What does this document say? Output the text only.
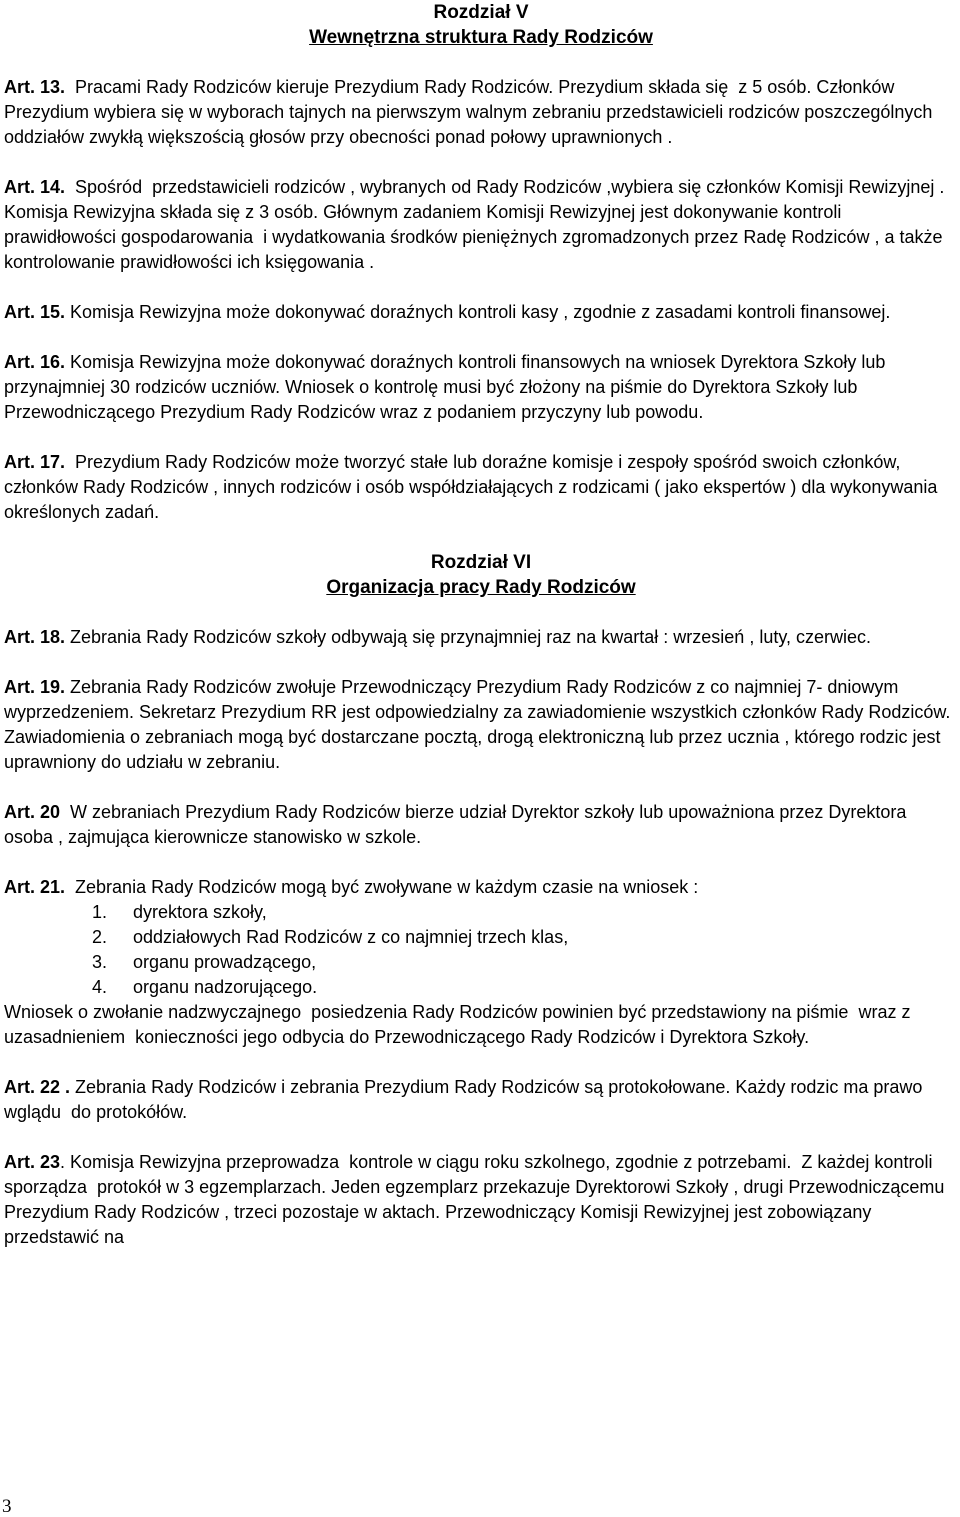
Rozdział V
Wewnętrzna struktura Rady Rodziców

Art. 13.  Pracami Rady Rodziców kieruje Prezydium Rady Rodziców. Prezydium składa się  z 5 osób. Członków Prezydium wybiera się w wyborach tajnych na pierwszym walnym zebraniu przedstawicieli rodziców poszczególnych oddziałów zwykłą większością głosów przy obecności ponad połowy uprawnionych .

Art. 14.  Spośród  przedstawicieli rodziców , wybranych od Rady Rodziców ,wybiera się członków Komisji Rewizyjnej . Komisja Rewizyjna składa się z 3 osób. Głównym zadaniem Komisji Rewizyjnej jest dokonywanie kontroli prawidłowości gospodarowania  i wydatkowania środków pieniężnych zgromadzonych przez Radę Rodziców , a także kontrolowanie prawidłowości ich księgowania .

Art. 15. Komisja Rewizyjna może dokonywać doraźnych kontroli kasy , zgodnie z zasadami kontroli finansowej.

Art. 16. Komisja Rewizyjna może dokonywać doraźnych kontroli finansowych na wniosek Dyrektora Szkoły lub przynajmniej 30 rodziców uczniów. Wniosek o kontrolę musi być złożony na piśmie do Dyrektora Szkoły lub Przewodniczącego Prezydium Rady Rodziców wraz z podaniem przyczyny lub powodu.

Art. 17.  Prezydium Rady Rodziców może tworzyć stałe lub doraźne komisje i zespoły spośród swoich członków, członków Rady Rodziców , innych rodziców i osób współdziałających z rodzicami ( jako ekspertów ) dla wykonywania określonych zadań.

Rozdział VI
Organizacja pracy Rady Rodziców

Art. 18. Zebrania Rady Rodziców szkoły odbywają się przynajmniej raz na kwartał : wrzesień , luty, czerwiec.

Art. 19. Zebrania Rady Rodziców zwołuje Przewodniczący Prezydium Rady Rodziców z co najmniej 7- dniowym wyprzedzeniem. Sekretarz Prezydium RR jest odpowiedzialny za zawiadomienie wszystkich członków Rady Rodziców. Zawiadomienia o zebraniach mogą być dostarczane pocztą, drogą elektroniczną lub przez ucznia , którego rodzic jest uprawniony do udziału w zebraniu.

Art. 20  W zebraniach Prezydium Rady Rodziców bierze udział Dyrektor szkoły lub upoważniona przez Dyrektora osoba , zajmująca kierownicze stanowisko w szkole.

Art. 21.  Zebrania Rady Rodziców mogą być zwoływane w każdym czasie na wniosek :
1. dyrektora szkoły,
2. oddziałowych Rad Rodziców z co najmniej trzech klas,
3. organu prowadzącego,
4. organu nadzorującego.
Wniosek o zwołanie nadzwyczajnego  posiedzenia Rady Rodziców powinien być przedstawiony na piśmie  wraz z    uzasadnieniem  konieczności jego odbycia do Przewodniczącego Rady Rodziców i Dyrektora Szkoły.

Art. 22 . Zebrania Rady Rodziców i zebrania Prezydium Rady Rodziców są protokołowane. Każdy rodzic ma prawo wglądu  do protokółów.

Art. 23. Komisja Rewizyjna przeprowadza  kontrole w ciągu roku szkolnego, zgodnie z potrzebami.  Z każdej kontroli sporządza  protokół w 3 egzemplarzach. Jeden egzemplarz przekazuje Dyrektorowi Szkoły , drugi Przewodniczącemu Prezydium Rady Rodziców , trzeci pozostaje w aktach. Przewodniczący Komisji Rewizyjnej jest zobowiązany przedstawić na

3
